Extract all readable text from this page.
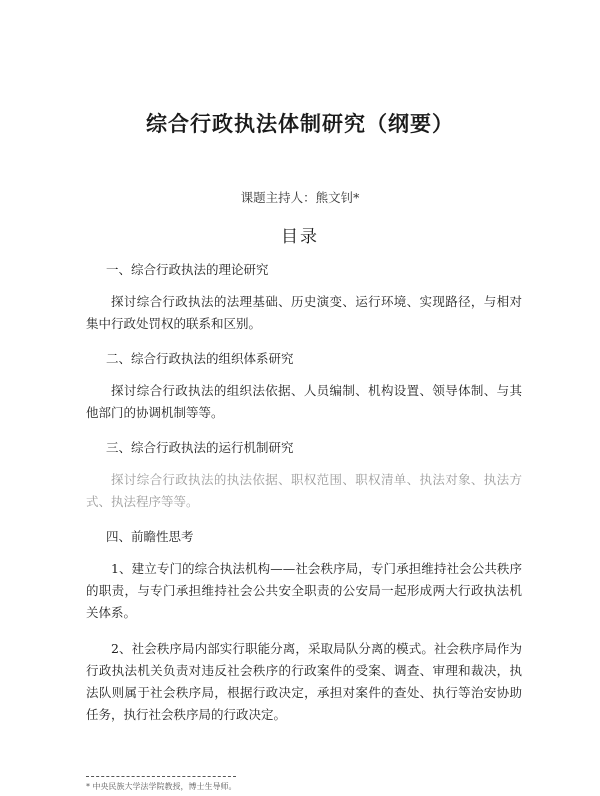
综合行政执法体制研究（纲要）
课题主持人：熊文钊*
目录
一、综合行政执法的理论研究

探讨综合行政执法的法理基础、历史演变、运行环境、实现路径，与相对集中行政处罚权的联系和区别。

二、综合行政执法的组织体系研究

探讨综合行政执法的组织法依据、人员编制、机构设置、领导体制、与其他部门的协调机制等等。

三、综合行政执法的运行机制研究

探讨综合行政执法的执法依据、职权范围、职权清单、执法对象、执法方式、执法程序等等。

四、前瞻性思考

1、建立专门的综合执法机构——社会秩序局，专门承担维持社会公共秩序的职责，与专门承担维持社会公共安全职责的公安局一起形成两大行政执法机关体系。

2、社会秩序局内部实行职能分离，采取局队分离的模式。社会秩序局作为行政执法机关负责对违反社会秩序的行政案件的受案、调查、审理和裁决，执法队则属于社会秩序局，根据行政决定，承担对案件的查处、执行等治安协助任务，执行社会秩序局的行政决定。

* 中央民族大学法学院教授，博士生导师。
